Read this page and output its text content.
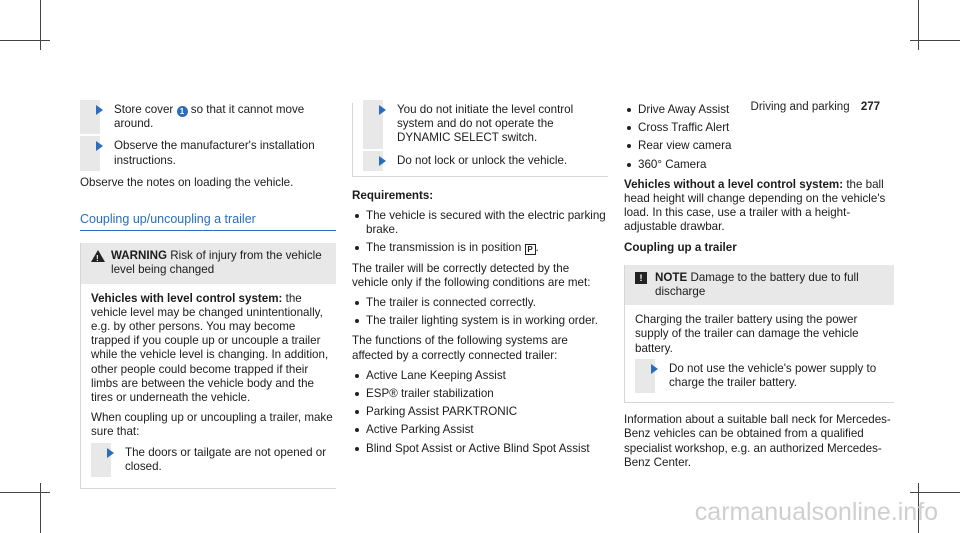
Driving and parking 277
Store cover 1 so that it cannot move around.
Observe the manufacturer's installation instructions.

Observe the notes on loading the vehicle.

Coupling up/uncoupling a trailer
! WARNING Risk of injury from the vehicle level being changed

Vehicles with level control system: the vehicle level may be changed unintentionally, e.g. by other persons. You may become trapped if you couple up or uncouple a trailer while the vehicle level is changing. In addition, other people could become trapped if their limbs are between the vehicle body and the tires or underneath the vehicle.

When coupling up or uncoupling a trailer, make sure that:

The doors or tailgate are not opened or closed.
You do not initiate the level control system and do not operate the DYNAMIC SELECT switch.
Do not lock or unlock the vehicle.

Requirements:

The vehicle is secured with the electric parking brake.
The transmission is in position P .

The trailer will be correctly detected by the vehicle only if the following conditions are met:

The trailer is connected correctly.
The trailer lighting system is in working order.

The functions of the following systems are affected by a correctly connected trailer:

Active Lane Keeping Assist
ESP® trailer stabilization
Parking Assist PARKTRONIC
Active Parking Assist
Blind Spot Assist or Active Blind Spot Assist
Drive Away Assist
Cross Traffic Alert
Rear view camera
360° Camera

Vehicles without a level control system: the ball head height will change depending on the vehicle's load. In this case, use a trailer with a height-adjustable drawbar.

Coupling up a trailer

!	NOTE Damage to the battery due to full discharge

Charging the trailer battery using the power supply of the trailer can damage the vehicle battery.

Do not use the vehicle's power supply to charge the trailer battery.

Information about a suitable ball neck for Mercedes-Benz vehicles can be obtained from a qualified specialist workshop, e.g. an authorized Mercedes-Benz Center.

carmanualsonline.info
